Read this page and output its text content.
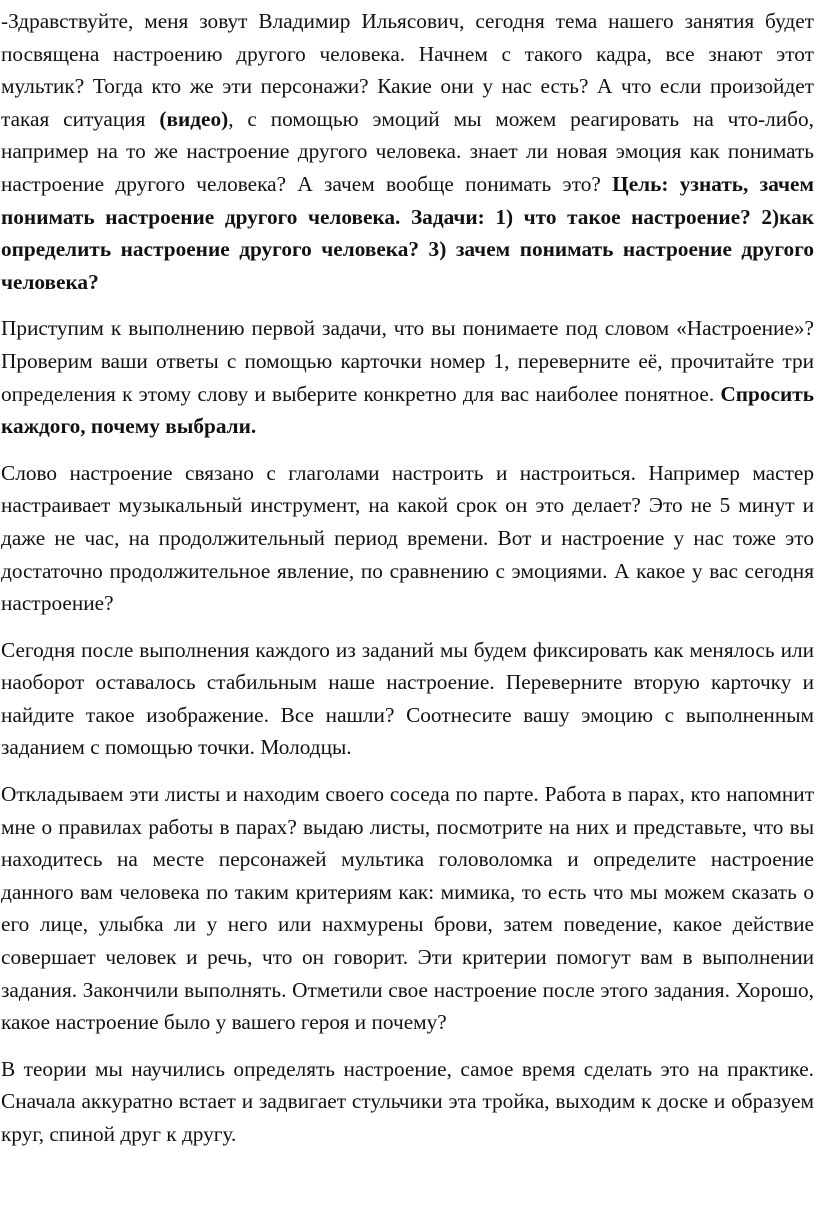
-Здравствуйте, меня зовут Владимир Ильясович, сегодня тема нашего занятия будет посвящена настроению другого человека. Начнем с такого кадра, все знают этот мультик? Тогда кто же эти персонажи? Какие они у нас есть? А что если произойдет такая ситуация (видео), с помощью эмоций мы можем реагировать на что-либо, например на то же настроение другого человека. знает ли новая эмоция как понимать настроение другого человека? А зачем вообще понимать это? Цель: узнать, зачем понимать настроение другого человека. Задачи: 1) что такое настроение? 2)как определить настроение другого человека? 3) зачем понимать настроение другого человека?

Приступим к выполнению первой задачи, что вы понимаете под словом «Настроение»? Проверим ваши ответы с помощью карточки номер 1, переверните её, прочитайте три определения к этому слову и выберите конкретно для вас наиболее понятное. Спросить каждого, почему выбрали.

Слово настроение связано с глаголами настроить и настроиться. Например мастер настраивает музыкальный инструмент, на какой срок он это делает? Это не 5 минут и даже не час, на продолжительный период времени. Вот и настроение у нас тоже это достаточно продолжительное явление, по сравнению с эмоциями. А какое у вас сегодня настроение?

Сегодня после выполнения каждого из заданий мы будем фиксировать как менялось или наоборот оставалось стабильным наше настроение. Переверните вторую карточку и найдите такое изображение. Все нашли? Соотнесите вашу эмоцию с выполненным заданием с помощью точки. Молодцы.

Откладываем эти листы и находим своего соседа по парте. Работа в парах, кто напомнит мне о правилах работы в парах? выдаю листы, посмотрите на них и представьте, что вы находитесь на месте персонажей мультика головоломка и определите настроение данного вам человека по таким критериям как: мимика, то есть что мы можем сказать о его лице, улыбка ли у него или нахмурены брови, затем поведение, какое действие совершает человек и речь, что он говорит. Эти критерии помогут вам в выполнении задания. Закончили выполнять. Отметили свое настроение после этого задания. Хорошо, какое настроение было у вашего героя и почему?

В теории мы научились определять настроение, самое время сделать это на практике. Сначала аккуратно встает и задвигает стульчики эта тройка, выходим к доске и образуем круг, спиной друг к другу.
